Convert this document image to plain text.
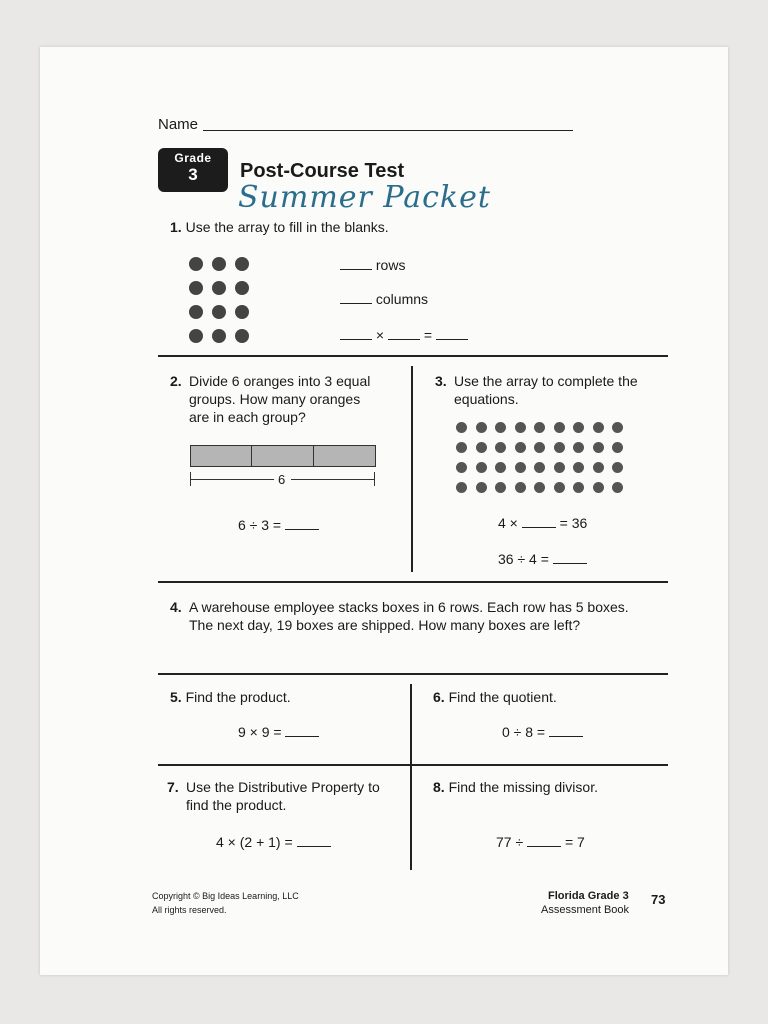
Name
Grade
3	Post-Course Test
Summer Packet
1. Use the array to fill in the blanks.
rows
columns
×	=
2. Divide 6 oranges into 3 equal
groups. How many oranges
are in each group?
6
6 ÷ 3 =
3. Use the array to complete the
equations.
4 ×	= 36
36 ÷ 4 =
4. A warehouse employee stacks boxes in 6 rows. Each row has 5 boxes.
The next day, 19 boxes are shipped. How many boxes are left?
5. Find the product.
9 × 9 =
6. Find the quotient.
0 ÷ 8 =
7. Use the Distributive Property to
find the product.
4 × (2 + 1) =
8. Find the missing divisor.
77 ÷	= 7
Copyright © Big Ideas Learning, LLC
All rights reserved.
Florida Grade 3
Assessment Book
73
